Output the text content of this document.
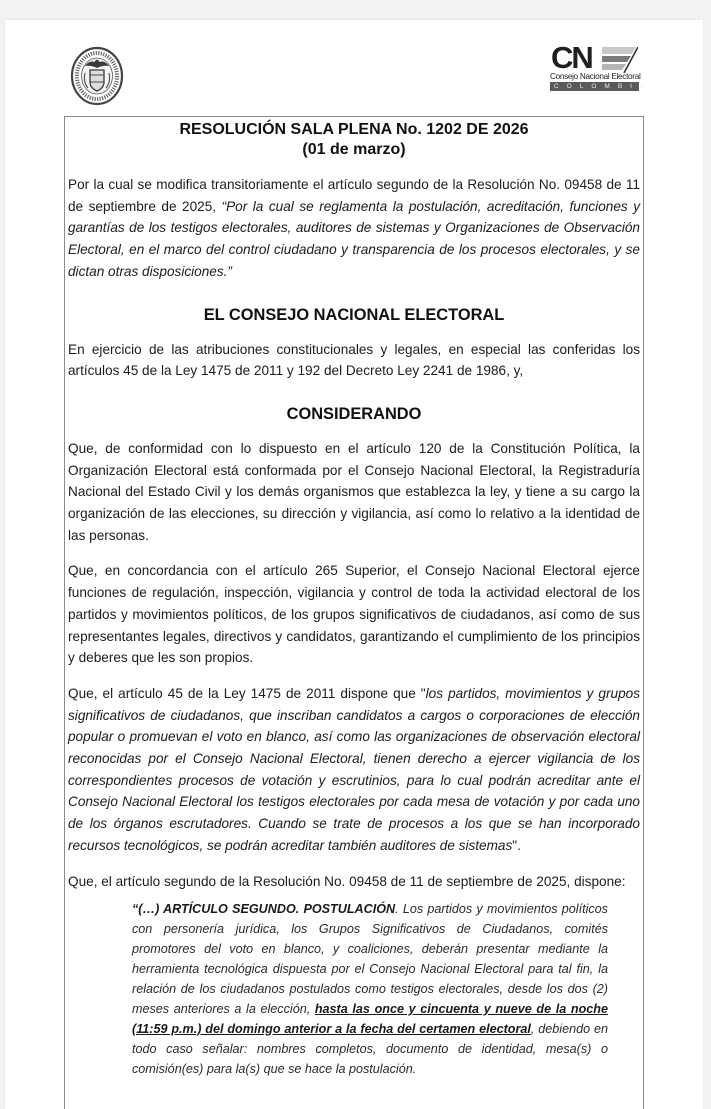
CN
Consejo Nacional Electoral
COLOMBIA
RESOLUCIÓN SALA PLENA No. 1202 DE 2026
(01 de marzo)
Por la cual se modifica transitoriamente el artículo segundo de la Resolución No. 09458 de 11 de septiembre de 2025, “Por la cual se reglamenta la postulación, acreditación, funciones y garantías de los testigos electorales, auditores de sistemas y Organizaciones de Observación Electoral, en el marco del control ciudadano y transparencia de los procesos electorales, y se dictan otras disposiciones.”
EL CONSEJO NACIONAL ELECTORAL
En ejercicio de las atribuciones constitucionales y legales, en especial las conferidas los artículos 45 de la Ley 1475 de 2011 y 192 del Decreto Ley 2241 de 1986, y,
CONSIDERANDO
Que, de conformidad con lo dispuesto en el artículo 120 de la Constitución Política, la Organización Electoral está conformada por el Consejo Nacional Electoral, la Registraduría Nacional del Estado Civil y los demás organismos que establezca la ley, y tiene a su cargo la organización de las elecciones, su dirección y vigilancia, así como lo relativo a la identidad de las personas.
Que, en concordancia con el artículo 265 Superior, el Consejo Nacional Electoral ejerce funciones de regulación, inspección, vigilancia y control de toda la actividad electoral de los partidos y movimientos políticos, de los grupos significativos de ciudadanos, así como de sus representantes legales, directivos y candidatos, garantizando el cumplimiento de los principios y deberes que les son propios.
Que, el artículo 45 de la Ley 1475 de 2011 dispone que "los partidos, movimientos y grupos significativos de ciudadanos, que inscriban candidatos a cargos o corporaciones de elección popular o promuevan el voto en blanco, así como las organizaciones de observación electoral reconocidas por el Consejo Nacional Electoral, tienen derecho a ejercer vigilancia de los correspondientes procesos de votación y escrutinios, para lo cual podrán acreditar ante el Consejo Nacional Electoral los testigos electorales por cada mesa de votación y por cada uno de los órganos escrutadores. Cuando se trate de procesos a los que se han incorporado recursos tecnológicos, se podrán acreditar también auditores de sistemas".
Que, el artículo segundo de la Resolución No. 09458 de 11 de septiembre de 2025, dispone:
“(…) ARTÍCULO SEGUNDO. POSTULACIÓN. Los partidos y movimientos políticos con personería jurídica, los Grupos Significativos de Ciudadanos, comités promotores del voto en blanco, y coaliciones, deberán presentar mediante la herramienta tecnológica dispuesta por el Consejo Nacional Electoral para tal fin, la relación de los ciudadanos postulados como testigos electorales, desde los dos (2) meses anteriores a la elección, hasta las once y cincuenta y nueve de la noche (11:59 p.m.) del domingo anterior a la fecha del certamen electoral, debiendo en todo caso señalar: nombres completos, documento de identidad, mesa(s) o comisión(es) para la(s) que se hace la postulación.
